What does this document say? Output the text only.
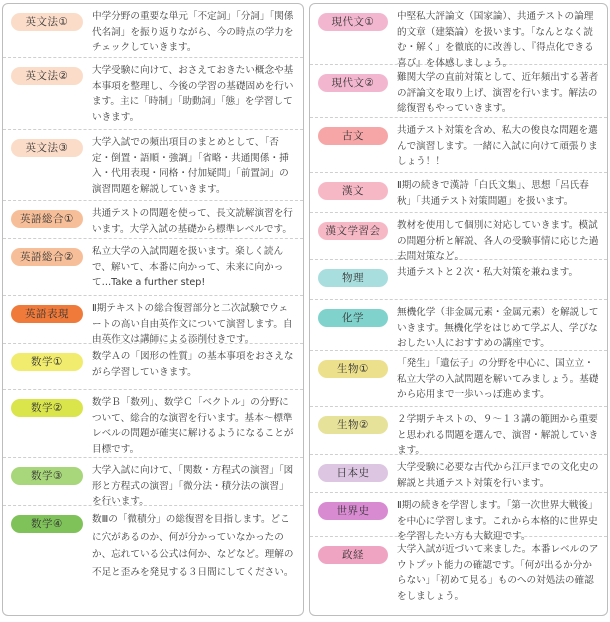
英文法①	中学分野の重要な単元「不定詞」「分詞」「関係代名詞」を振り返りながら、今の時点の学力をチェックしていきます。
英文法②	大学受験に向けて、おさえておきたい概念や基本事項を整理し、今後の学習の基礎固めを行います。主に「時制」「助動詞」「態」を学習していきます。
英文法③	大学入試での頻出項目のまとめとして、「否定・倒置・語順・強調」「省略・共通関係・挿入・代用表現・同格・付加疑問」「前置詞」の演習問題を解説していきます。
英語総合①	共通テストの問題を使って、長文読解演習を行います。大学入試の基礎から標準レベルです。
英語総合②	私立大学の入試問題を扱います。楽しく読んで、解いて、本番に向かって、未来に向かって…Take a further step!
英語表現	Ⅱ期テキストの総合復習部分と二次試験でウェートの高い自由英作文について演習します。自由英作文は講師による添削付きです。
数学①	数学Ａの「図形の性質」の基本事項をおさえながら学習していきます。
数学②	数学Ｂ「数列」、数学Ｃ「ベクトル」の分野について、総合的な演習を行います。基本～標準レベルの問題が確実に解けるようになることが目標です。
数学③	大学入試に向けて、「関数・方程式の演習」「図形と方程式の演習」「微分法・積分法の演習」を行います。
数学④	数Ⅲの「微積分」の総復習を目指します。どこに穴があるのか、何が分かっていなかったのか、忘れている公式は何か、などなど。理解の不足と歪みを発見する３日間にしてください。
現代文①	中堅私大評論文（国家論）、共通テストの論理的文章（建築論）を扱います。「なんとなく読む・解く」を徹底的に改善し、『得点化できる喜び』を体感しましょう。
現代文②	難関大学の直前対策として、近年頻出する著者の評論文を取り上げ、演習を行います。解法の総復習もやっていきます。
古文	共通テスト対策を含め、私大の俊良な問題を選んで演習します。一緒に入試に向けて頑張りましょう！！
漢文	Ⅱ期の続きで漢詩「白氏文集」、思想「呂氏春秋」「共通テスト対策問題」を扱います。
漢文学習会	教材を使用して個別に対応していきます。模試の問題分析と解説、各人の受験事情に応じた過去問対策など。
物理	共通テストと２次・私大対策を兼ねます。
化学	無機化学（非金属元素・金属元素）を解説していきます。無機化学をはじめて学ぶ人、学びなおしたい人におすすめの講座です。
生物①	「発生」「遺伝子」の分野を中心に、国立立・私立大学の入試問題を解いてみましょう。基礎から応用まで一歩いっぽ進めます。
生物②	２学期テキストの、９～１３講の範囲から重要と思われる問題を選んで、演習・解説していきます。
日本史	大学受験に必要な古代から江戸までの文化史の解説と共通テスト対策を行います。
世界史	Ⅱ期の続きを学習します。「第一次世界大戦後」を中心に学習します。これから本格的に世界史を学習したい方も大歓迎です。
政経	大学入試が近づいて来ました。本番レベルのアウトプット能力の確認です。「何が出るか分からない」「初めて見る」ものへの対処法の確認をしましょう。
